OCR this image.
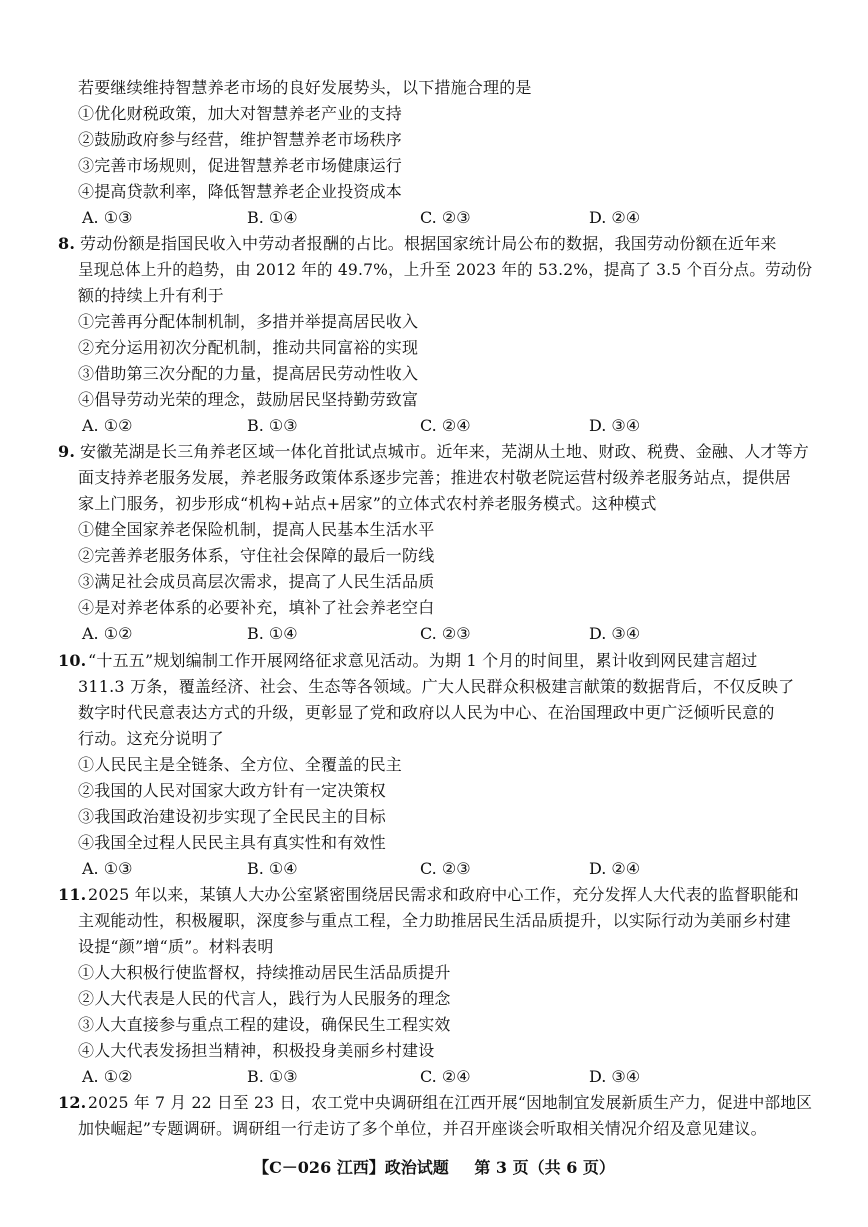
若要继续维持智慧养老市场的良好发展势头，以下措施合理的是
①优化财税政策，加大对智慧养老产业的支持
②鼓励政府参与经营，维护智慧养老市场秩序
③完善市场规则，促进智慧养老市场健康运行
④提高贷款利率，降低智慧养老企业投资成本
A. ①③	B. ①④	C. ②③	D. ②④
8. 劳动份额是指国民收入中劳动者报酬的占比。根据国家统计局公布的数据，我国劳动份额在近年来
呈现总体上升的趋势，由 2012 年的 49.7%，上升至 2023 年的 53.2%，提高了 3.5 个百分点。劳动份
额的持续上升有利于
①完善再分配体制机制，多措并举提高居民收入
②充分运用初次分配机制，推动共同富裕的实现
③借助第三次分配的力量，提高居民劳动性收入
④倡导劳动光荣的理念，鼓励居民坚持勤劳致富
A. ①②	B. ①③	C. ②④	D. ③④
9. 安徽芜湖是长三角养老区域一体化首批试点城市。近年来，芜湖从土地、财政、税费、金融、人才等方
面支持养老服务发展，养老服务政策体系逐步完善；推进农村敬老院运营村级养老服务站点，提供居
家上门服务，初步形成“机构+站点+居家”的立体式农村养老服务模式。这种模式
①健全国家养老保险机制，提高人民基本生活水平
②完善养老服务体系，守住社会保障的最后一防线
③满足社会成员高层次需求，提高了人民生活品质
④是对养老体系的必要补充，填补了社会养老空白
A. ①②	B. ①④	C. ②③	D. ③④
10. “十五五”规划编制工作开展网络征求意见活动。为期 1 个月的时间里，累计收到网民建言超过
311.3 万条，覆盖经济、社会、生态等各领域。广大人民群众积极建言献策的数据背后，不仅反映了
数字时代民意表达方式的升级，更彰显了党和政府以人民为中心、在治国理政中更广泛倾听民意的
行动。这充分说明了
①人民民主是全链条、全方位、全覆盖的民主
②我国的人民对国家大政方针有一定决策权
③我国政治建设初步实现了全民民主的目标
④我国全过程人民民主具有真实性和有效性
A. ①③	B. ①④	C. ②③	D. ②④
11. 2025 年以来，某镇人大办公室紧密围绕居民需求和政府中心工作，充分发挥人大代表的监督职能和
主观能动性，积极履职，深度参与重点工程，全力助推居民生活品质提升，以实际行动为美丽乡村建
设提“颜”增“质”。材料表明
①人大积极行使监督权，持续推动居民生活品质提升
②人大代表是人民的代言人，践行为人民服务的理念
③人大直接参与重点工程的建设，确保民生工程实效
④人大代表发扬担当精神，积极投身美丽乡村建设
A. ①②	B. ①③	C. ②④	D. ③④
12. 2025 年 7 月 22 日至 23 日，农工党中央调研组在江西开展“因地制宜发展新质生产力，促进中部地区
加快崛起”专题调研。调研组一行走访了多个单位，并召开座谈会听取相关情况介绍及意见建议。
【C－026 江西】政治试题 第 3 页（共 6 页）
